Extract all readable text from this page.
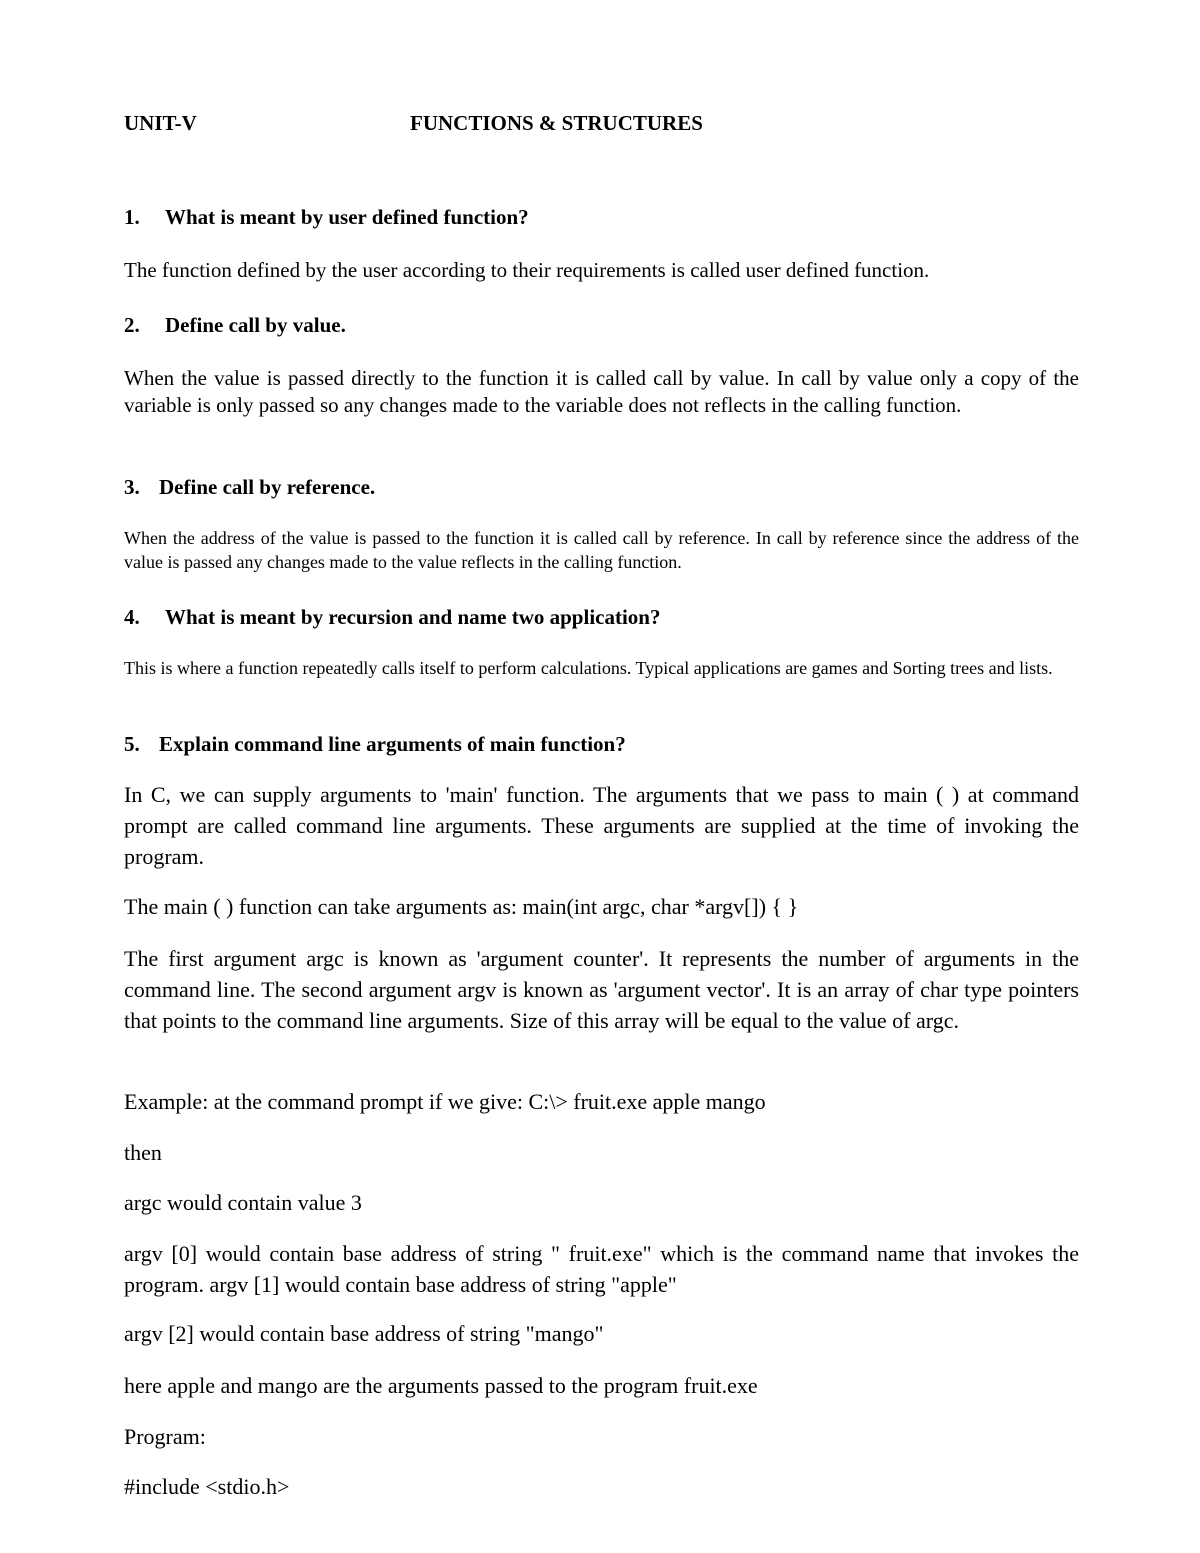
UNIT-V	FUNCTIONS & STRUCTURES
1. What is meant by user defined function?

The function defined by the user according to their requirements is called user defined function.

2. Define call by value.

When the value is passed directly to the function it is called call by value. In call by value only a copy of the variable is only passed so any changes made to the variable does not reflects in the calling function.

3. Define call by reference.

When the address of the value is passed to the function it is called call by reference. In call by reference since the address of the value is passed any changes made to the value reflects in the calling function.

4. What is meant by recursion and name two application?

This is where a function repeatedly calls itself to perform calculations. Typical applications are games and Sorting trees and lists.

5. Explain command line arguments of main function?

In C, we can supply arguments to 'main' function. The arguments that we pass to main ( ) at command prompt are called command line arguments. These arguments are supplied at the time of invoking the program.

The main ( ) function can take arguments as: main(int argc, char *argv[]) { }

The first argument argc is known as 'argument counter'. It represents the number of arguments in the command line. The second argument argv is known as 'argument vector'. It is an array of char type pointers that points to the command line arguments. Size of this array will be equal to the value of argc.

Example: at the command prompt if we give: C:\> fruit.exe apple mango
then
argc would contain value 3

argv [0] would contain base address of string " fruit.exe" which is the command name that invokes the program. argv [1] would contain base address of string "apple"

argv [2] would contain base address of string "mango"
here apple and mango are the arguments passed to the program fruit.exe
Program:
#include <stdio.h>
